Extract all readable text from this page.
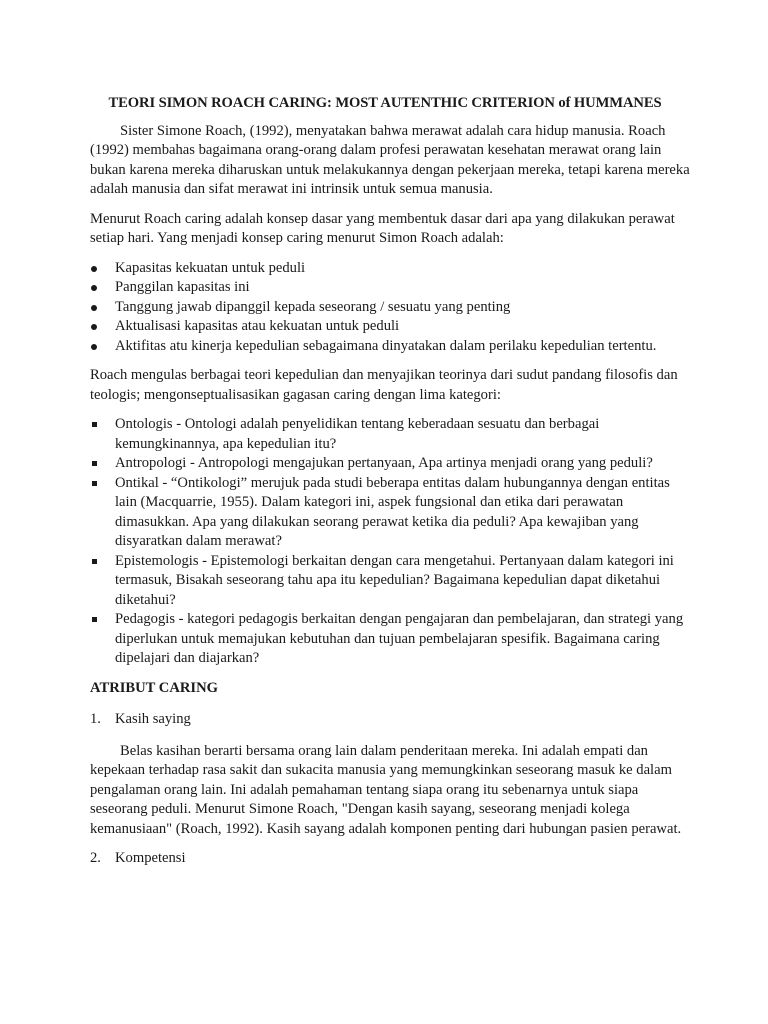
TEORI SIMON ROACH CARING: MOST AUTENTHIC CRITERION of HUMMANES

Sister Simone Roach, (1992), menyatakan bahwa merawat adalah cara hidup manusia. Roach (1992) membahas bagaimana orang-orang dalam profesi perawatan kesehatan merawat orang lain bukan karena mereka diharuskan untuk melakukannya dengan pekerjaan mereka, tetapi karena mereka adalah manusia dan sifat merawat ini intrinsik untuk semua manusia.

Menurut Roach caring adalah konsep dasar yang membentuk dasar dari apa yang dilakukan perawat setiap hari. Yang menjadi konsep caring menurut Simon Roach adalah:

Kapasitas kekuatan untuk peduli
Panggilan kapasitas ini
Tanggung jawab dipanggil kepada seseorang / sesuatu yang penting
Aktualisasi kapasitas atau kekuatan untuk peduli
Aktifitas atu kinerja kepedulian sebagaimana dinyatakan dalam perilaku kepedulian tertentu.

Roach mengulas berbagai teori kepedulian dan menyajikan teorinya dari sudut pandang filosofis dan teologis; mengonseptualisasikan gagasan caring dengan lima kategori:

Ontologis - Ontologi adalah penyelidikan tentang keberadaan sesuatu dan berbagai kemungkinannya, apa kepedulian itu?
Antropologi - Antropologi mengajukan pertanyaan, Apa artinya menjadi orang yang peduli?
Ontikal - “Ontikologi” merujuk pada studi beberapa entitas dalam hubungannya dengan entitas lain (Macquarrie, 1955). Dalam kategori ini, aspek fungsional dan etika dari perawatan dimasukkan. Apa yang dilakukan seorang perawat ketika dia peduli? Apa kewajiban yang disyaratkan dalam merawat?
Epistemologis - Epistemologi berkaitan dengan cara mengetahui. Pertanyaan dalam kategori ini termasuk, Bisakah seseorang tahu apa itu kepedulian? Bagaimana kepedulian dapat diketahui diketahui?
Pedagogis - kategori pedagogis berkaitan dengan pengajaran dan pembelajaran, dan strategi yang diperlukan untuk memajukan kebutuhan dan tujuan pembelajaran spesifik. Bagaimana caring dipelajari dan diajarkan?
ATRIBUT CARING
1. Kasih saying

Belas kasihan berarti bersama orang lain dalam penderitaan mereka. Ini adalah empati dan kepekaan terhadap rasa sakit dan sukacita manusia yang memungkinkan seseorang masuk ke dalam pengalaman orang lain. Ini adalah pemahaman tentang siapa orang itu sebenarnya untuk siapa seseorang peduli. Menurut Simone Roach, "Dengan kasih sayang, seseorang menjadi kolega kemanusiaan" (Roach, 1992). Kasih sayang adalah komponen penting dari hubungan pasien perawat.

2. Kompetensi
